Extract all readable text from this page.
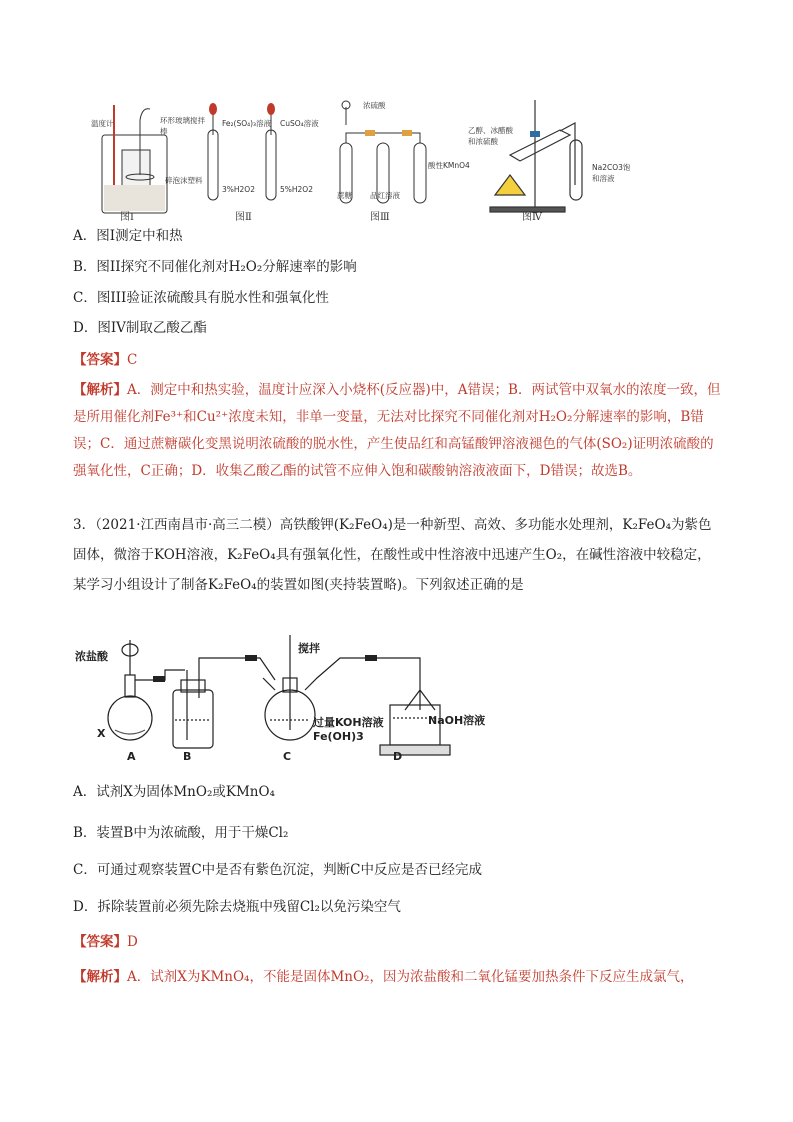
温度计	环形玻璃搅拌棒
碎泡沫塑料
图Ⅰ
Fe₂(SO₄)₃溶液 CuSO₄溶液
3%H2O2	5%H2O2
图Ⅱ
浓硫酸
蔗糖 品红溶液
酸性KMnO4
图Ⅲ
乙醇、冰醋酸和浓硫酸
Na2CO3饱和溶液
图Ⅳ
A．图I测定中和热
B．图II探究不同催化剂对H₂O₂分解速率的影响
C．图III验证浓硫酸具有脱水性和强氧化性
D．图IV制取乙酸乙酯
【答案】C
【解析】A．测定中和热实验，温度计应深入小烧杯(反应器)中，A错误；B．两试管中双氧水的浓度一致，但是所用催化剂Fe³⁺和Cu²⁺浓度未知，非单一变量，无法对比探究不同催化剂对H₂O₂分解速率的影响，B错误；C．通过蔗糖碳化变黑说明浓硫酸的脱水性，产生使品红和高锰酸钾溶液褪色的气体(SO₂)证明浓硫酸的强氧化性，C正确；D．收集乙酸乙酯的试管不应伸入饱和碳酸钠溶液液面下，D错误；故选B。
3．（2021·江西南昌市·高三二模）高铁酸钾(K₂FeO₄)是一种新型、高效、多功能水处理剂，K₂FeO₄为紫色固体，微溶于KOH溶液，K₂FeO₄具有强氧化性，在酸性或中性溶液中迅速产生O₂，在碱性溶液中较稳定，某学习小组设计了制备K₂FeO₄的装置如图(夹持装置略)。下列叙述正确的是
浓盐酸
搅拌
X
过量KOH溶液
Fe(OH)3
NaOH溶液
A	B	C	D
A．试剂X为固体MnO₂或KMnO₄
B．装置B中为浓硫酸，用于干燥Cl₂
C．可通过观察装置C中是否有紫色沉淀，判断C中反应是否已经完成
D．拆除装置前必须先除去烧瓶中残留Cl₂以免污染空气
【答案】D
【解析】A．试剂X为KMnO₄，不能是固体MnO₂，因为浓盐酸和二氧化锰要加热条件下反应生成氯气，
